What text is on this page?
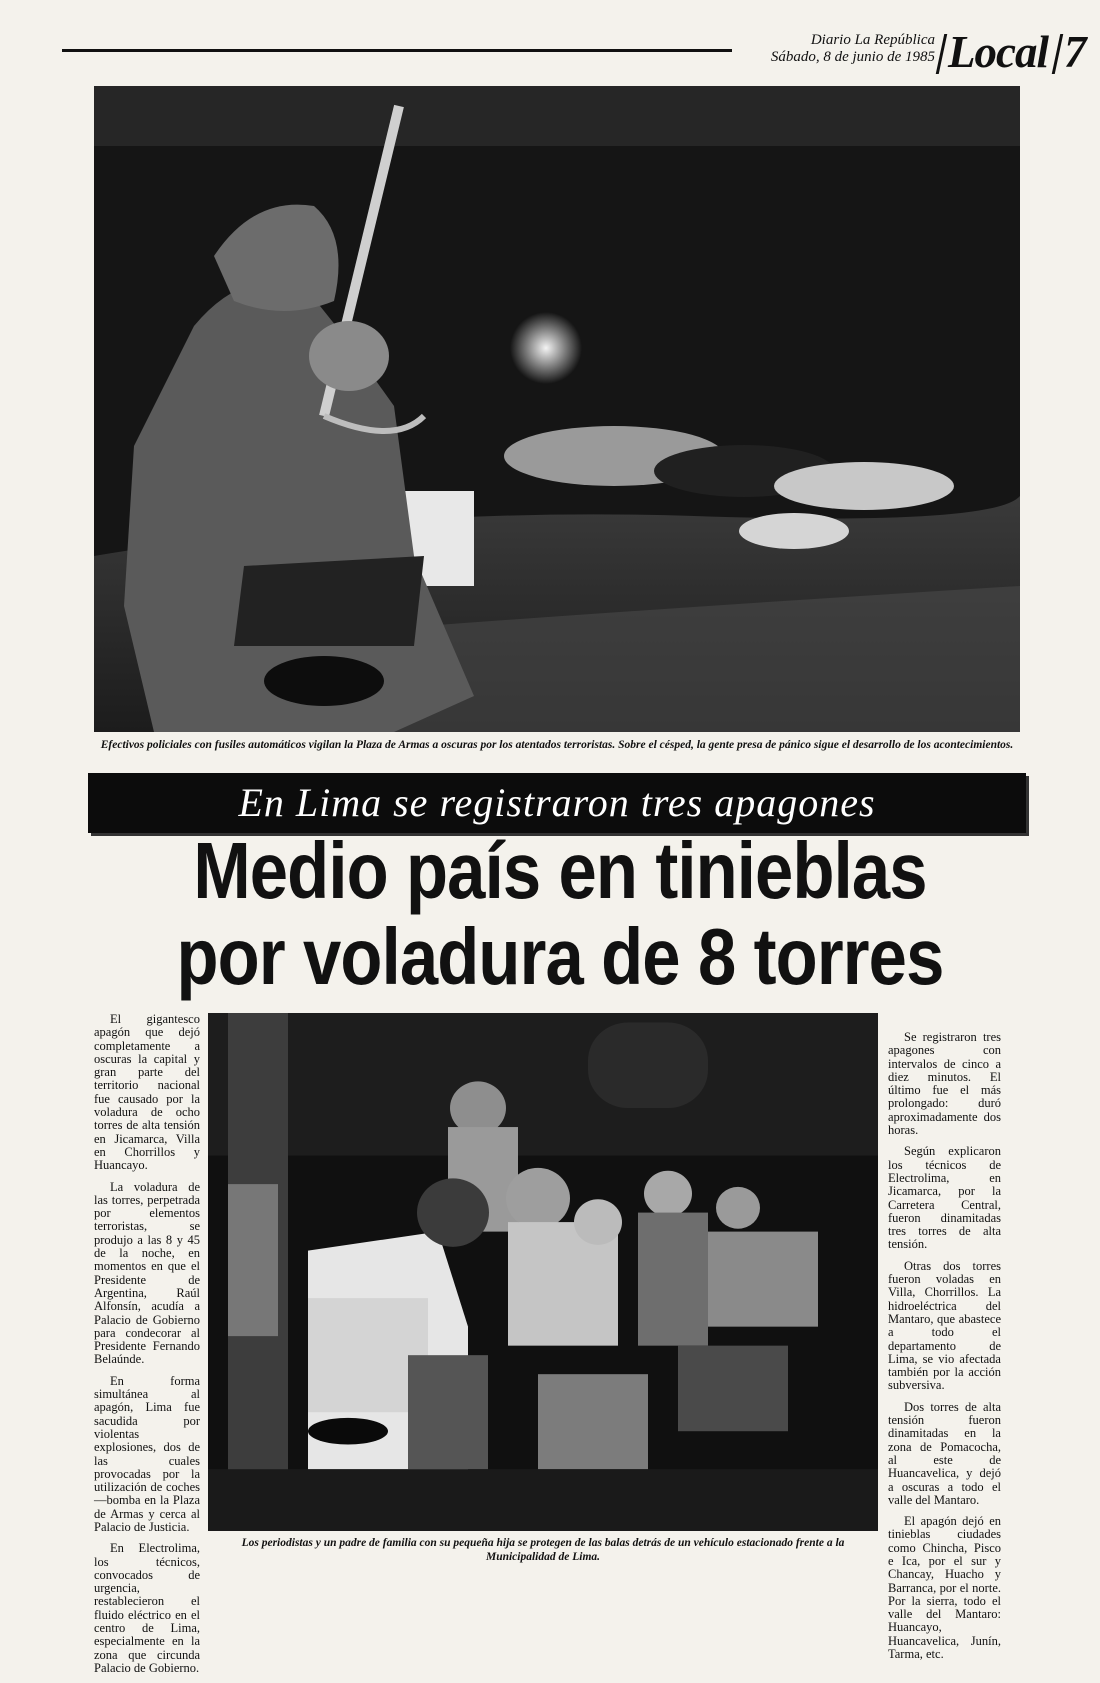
Diario La República
Sábado, 8 de junio de 1985 Local 7
Efectivos policiales con fusiles automáticos vigilan la Plaza de Armas a oscuras por los atentados terroristas. Sobre el césped, la gente presa de pánico sigue el desarrollo de los acontecimientos.
En Lima se registraron tres apagones
Medio país en tinieblas
por voladura de 8 torres

El gigantesco apagón que dejó completamente a oscuras la capital y gran parte del territorio nacional fue causado por la voladura de ocho torres de alta tensión en Jicamarca, Villa en Chorrillos y Huancayo.

La voladura de las torres, perpetrada por elementos terroristas, se produjo a las 8 y 45 de la noche, en momentos en que el Presidente de Argentina, Raúl Alfonsín, acudía a Palacio de Gobierno para condecorar al Presidente Fernando Belaúnde.

En forma simultánea al apagón, Lima fue sacudida por violentas explosiones, dos de las cuales provocadas por la utilización de coches—bomba en la Plaza de Armas y cerca al Palacio de Justicia.

En Electrolima, los técnicos, convocados de urgencia, restablecieron el fluido eléctrico en el centro de Lima, especialmente en la zona que circunda Palacio de Gobierno.

Los periodistas y un padre de familia con su pequeña hija se protegen de las balas detrás de un vehículo estacionado frente a la Municipalidad de Lima.

Se registraron tres apagones con intervalos de cinco a diez minutos. El último fue el más prolongado: duró aproximadamente dos horas.

Según explicaron los técnicos de Electrolima, en Jicamarca, por la Carretera Central, fueron dinamitadas tres torres de alta tensión.

Otras dos torres fueron voladas en Villa, Chorrillos. La hidroeléctrica del Mantaro, que abastece a todo el departamento de Lima, se vio afectada también por la acción subversiva.

Dos torres de alta tensión fueron dinamitadas en la zona de Pomacocha, al este de Huancavelica, y dejó a oscuras a todo el valle del Mantaro.

El apagón dejó en tinieblas ciudades como Chincha, Pisco e Ica, por el sur y Chancay, Huacho y Barranca, por el norte. Por la sierra, todo el valle del Mantaro: Huancayo, Huancavelica, Junín, Tarma, etc.
